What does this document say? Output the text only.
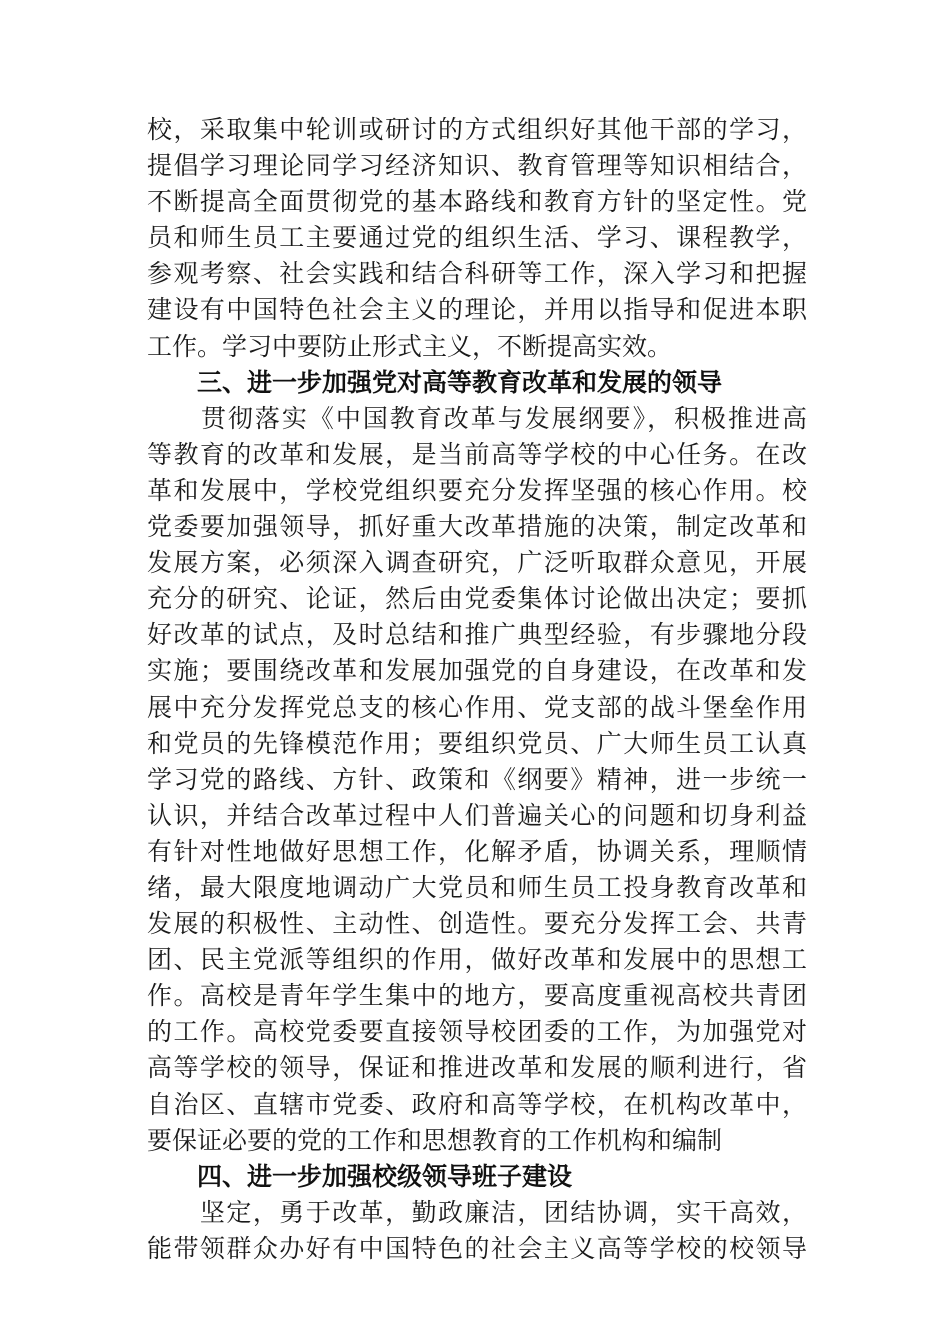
校，采取集中轮训或研讨的方式组织好其他干部的学习，
提倡学习理论同学习经济知识、教育管理等知识相结合，
不断提高全面贯彻党的基本路线和教育方针的坚定性。党
员和师生员工主要通过党的组织生活、学习、课程教学，
参观考察、社会实践和结合科研等工作，深入学习和把握
建设有中国特色社会主义的理论，并用以指导和促进本职
工作。学习中要防止形式主义，不断提高实效。
三、进一步加强党对高等教育改革和发展的领导
　　贯彻落实《中国教育改革与发展纲要》，积极推进高
等教育的改革和发展，是当前高等学校的中心任务。在改
革和发展中，学校党组织要充分发挥坚强的核心作用。校
党委要加强领导，抓好重大改革措施的决策，制定改革和
发展方案，必须深入调查研究，广泛听取群众意见，开展
充分的研究、论证，然后由党委集体讨论做出决定；要抓
好改革的试点，及时总结和推广典型经验，有步骤地分段
实施；要围绕改革和发展加强党的自身建设，在改革和发
展中充分发挥党总支的核心作用、党支部的战斗堡垒作用
和党员的先锋模范作用；要组织党员、广大师生员工认真
学习党的路线、方针、政策和《纲要》精神，进一步统一
认识，并结合改革过程中人们普遍关心的问题和切身利益
有针对性地做好思想工作，化解矛盾，协调关系，理顺情
绪，最大限度地调动广大党员和师生员工投身教育改革和
发展的积极性、主动性、创造性。要充分发挥工会、共青
团、民主党派等组织的作用，做好改革和发展中的思想工
作。高校是青年学生集中的地方，要高度重视高校共青团
的工作。高校党委要直接领导校团委的工作，为加强党对
高等学校的领导，保证和推进改革和发展的顺利进行，省
自治区、直辖市党委、政府和高等学校，在机构改革中，
要保证必要的党的工作和思想教育的工作机构和编制
四、进一步加强校级领导班子建设
　　坚定，勇于改革，勤政廉洁，团结协调，实干高效，
能带领群众办好有中国特色的社会主义高等学校的校领导
